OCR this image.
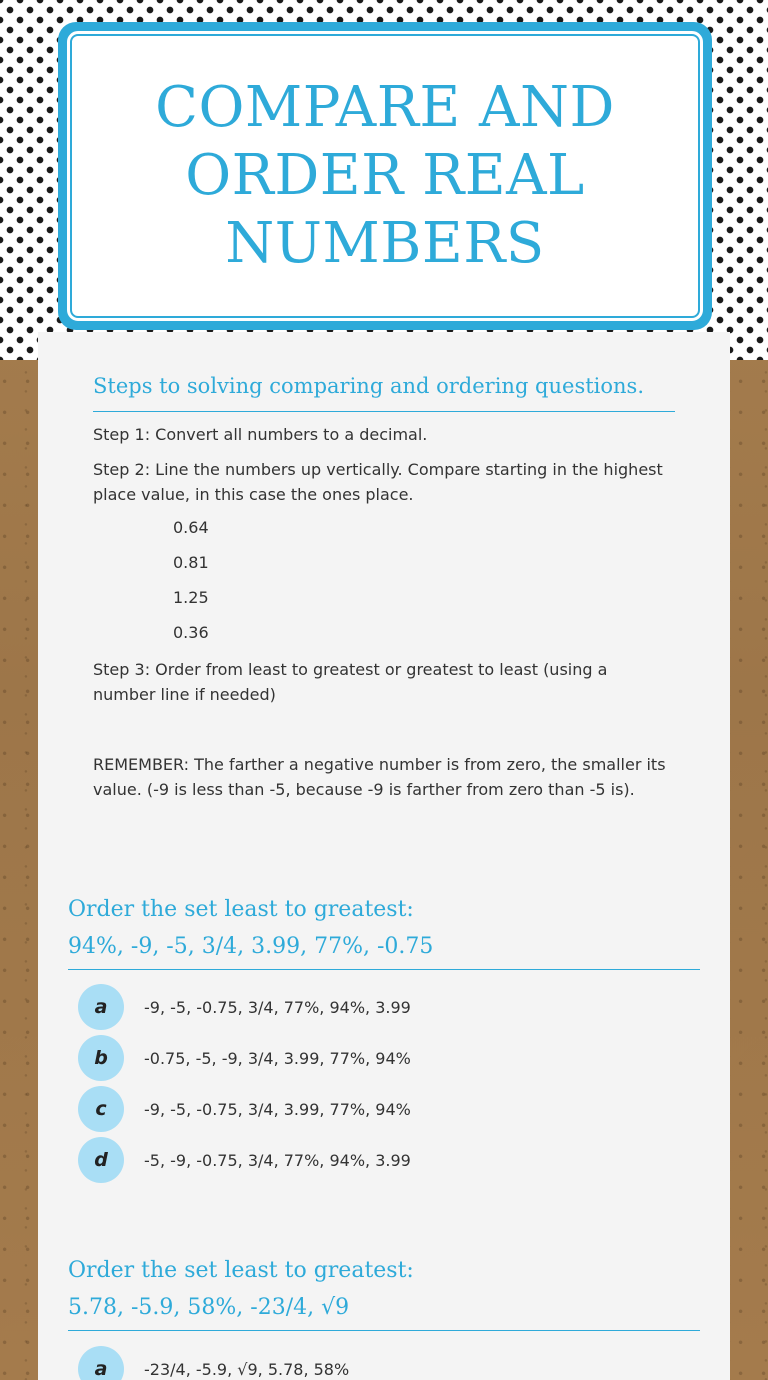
COMPARE AND ORDER REAL NUMBERS
Steps to solving comparing and ordering questions.
Step 1: Convert all numbers to a decimal.
Step 2: Line the numbers up vertically. Compare starting in the highest place value, in this case the ones place.
0.64
0.81
1.25
0.36
Step 3: Order from least to greatest or greatest to least (using a number line if needed)
REMEMBER: The farther a negative number is from zero, the smaller its value. (-9 is less than -5, because -9 is farther from zero than -5 is).
Order the set least to greatest:
94%, -9, -5, 3/4, 3.99, 77%, -0.75
a	-9, -5, -0.75, 3/4, 77%, 94%, 3.99
b	-0.75, -5, -9, 3/4, 3.99, 77%, 94%
c	-9, -5, -0.75, 3/4, 3.99, 77%, 94%
d	-5, -9, -0.75, 3/4, 77%, 94%, 3.99
Order the set least to greatest:
5.78, -5.9, 58%, -23/4, √9
a	-23/4, -5.9, √9, 5.78, 58%
